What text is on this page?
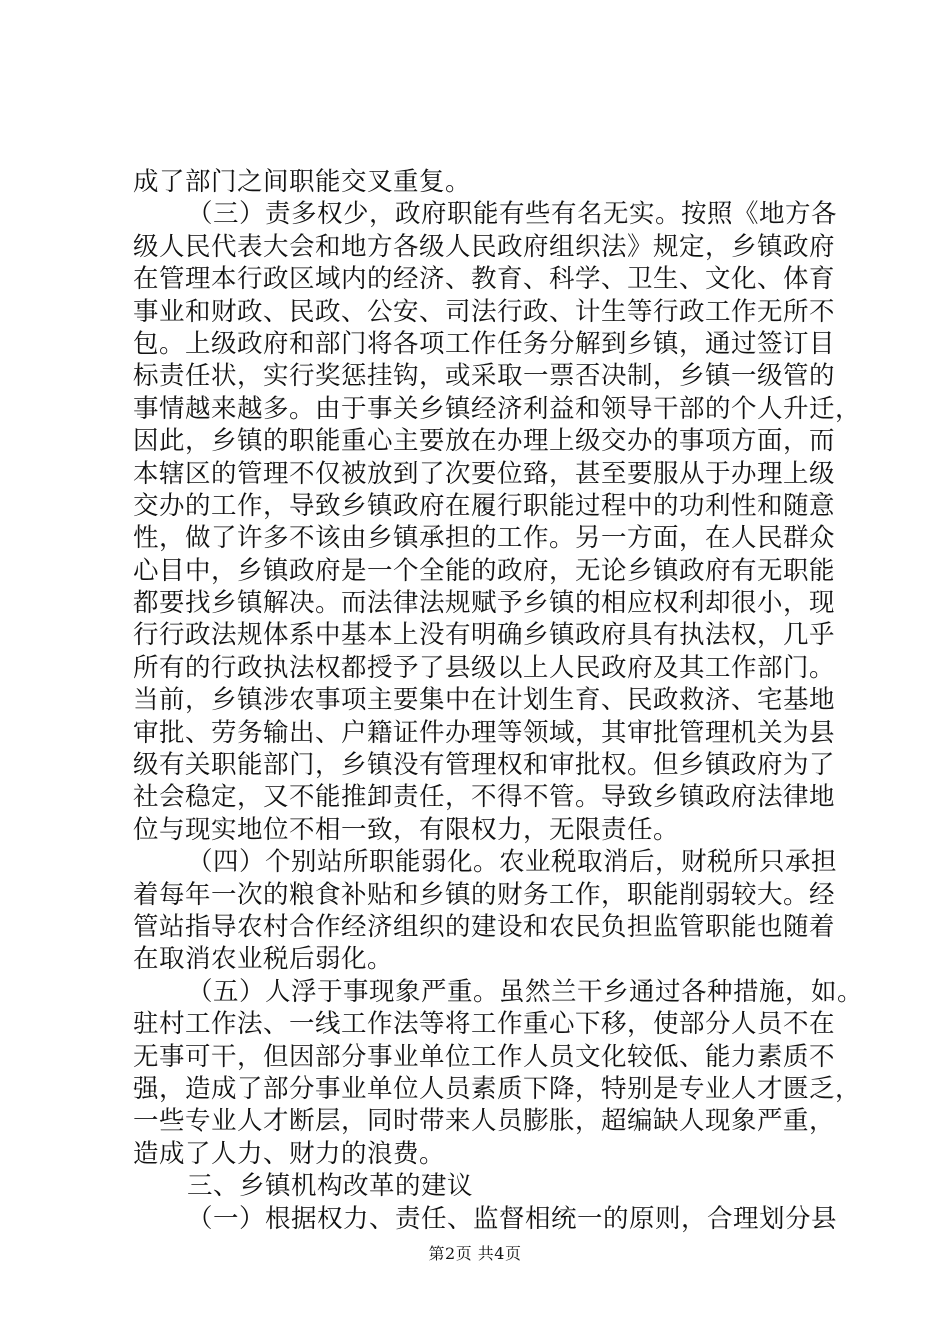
成了部门之间职能交叉重复。
（三）责多权少，政府职能有些有名无实。按照《地方各
级人民代表大会和地方各级人民政府组织法》规定，乡镇政府
在管理本行政区域内的经济、教育、科学、卫生、文化、体育
事业和财政、民政、公安、司法行政、计生等行政工作无所不
包。上级政府和部门将各项工作任务分解到乡镇，通过签订目
标责任状，实行奖惩挂钩，或采取一票否决制，乡镇一级管的
事情越来越多。由于事关乡镇经济利益和领导干部的个人升迁，
因此，乡镇的职能重心主要放在办理上级交办的事项方面，而
本辖区的管理不仅被放到了次要位臵，甚至要服从于办理上级
交办的工作，导致乡镇政府在履行职能过程中的功利性和随意
性，做了许多不该由乡镇承担的工作。另一方面，在人民群众
心目中，乡镇政府是一个全能的政府，无论乡镇政府有无职能
都要找乡镇解决。而法律法规赋予乡镇的相应权利却很小，现
行行政法规体系中基本上没有明确乡镇政府具有执法权，几乎
所有的行政执法权都授予了县级以上人民政府及其工作部门。
当前，乡镇涉农事项主要集中在计划生育、民政救济、宅基地
审批、劳务输出、户籍证件办理等领域，其审批管理机关为县
级有关职能部门，乡镇没有管理权和审批权。但乡镇政府为了
社会稳定，又不能推卸责任，不得不管。导致乡镇政府法律地
位与现实地位不相一致，有限权力，无限责任。
（四）个别站所职能弱化。农业税取消后，财税所只承担
着每年一次的粮食补贴和乡镇的财务工作，职能削弱较大。经
管站指导农村合作经济组织的建设和农民负担监管职能也随着
在取消农业税后弱化。
（五）人浮于事现象严重。虽然兰干乡通过各种措施，如。
驻村工作法、一线工作法等将工作重心下移，使部分人员不在
无事可干，但因部分事业单位工作人员文化较低、能力素质不
强，造成了部分事业单位人员素质下降，特别是专业人才匮乏，
一些专业人才断层，同时带来人员膨胀，超编缺人现象严重，
造成了人力、财力的浪费。
三、乡镇机构改革的建议
（一）根据权力、责任、监督相统一的原则，合理划分县
第2页 共4页
